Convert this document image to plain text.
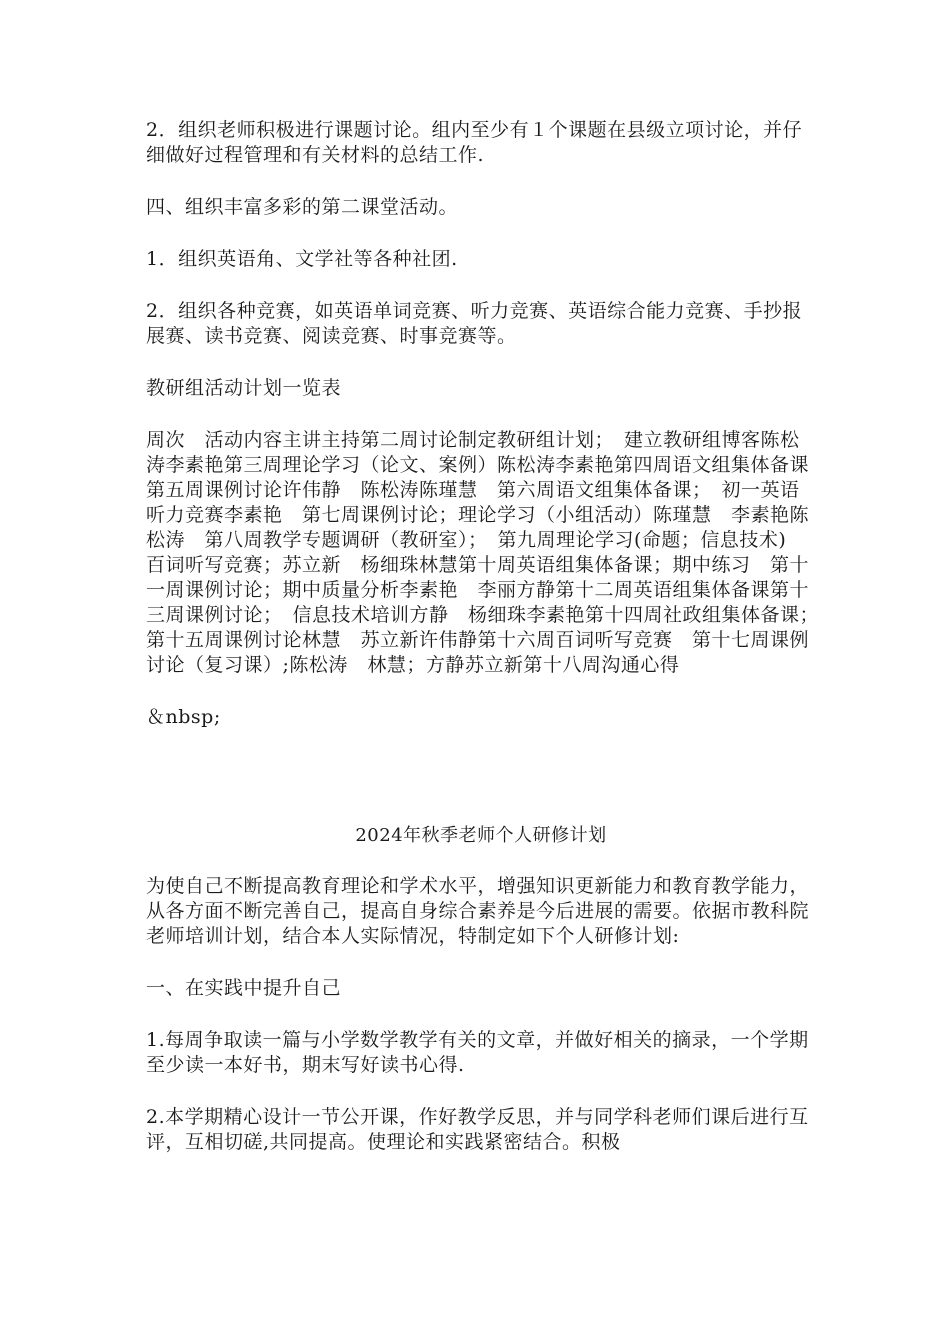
2．组织老师积极进行课题讨论。组内至少有１个课题在县级立项讨论，并仔细做好过程管理和有关材料的总结工作.

四、组织丰富多彩的第二课堂活动。

1．组织英语角、文学社等各种社团.

2．组织各种竞赛，如英语单词竞赛、听力竞赛、英语综合能力竞赛、手抄报展赛、读书竞赛、阅读竞赛、时事竞赛等。

教研组活动计划一览表

周次　活动内容主讲主持第二周讨论制定教研组计划；　建立教研组博客陈松涛李素艳第三周理论学习（论文、案例）陈松涛李素艳第四周语文组集体备课　第五周课例讨论许伟静　陈松涛陈瑾慧　第六周语文组集体备课；　初一英语听力竞赛李素艳　第七周课例讨论；理论学习（小组活动）陈瑾慧　李素艳陈松涛　第八周教学专题调研（教研室）；　第九周理论学习(命题；信息技术)　百词听写竞赛；苏立新　杨细珠林慧第十周英语组集体备课；期中练习　第十一周课例讨论；期中质量分析李素艳　李丽方静第十二周英语组集体备课第十三周课例讨论；　信息技术培训方静　杨细珠李素艳第十四周社政组集体备课；　第十五周课例讨论林慧　苏立新许伟静第十六周百词听写竞赛　第十七周课例讨论（复习课）;陈松涛　林慧；方静苏立新第十八周沟通心得

＆nbsp;

2024年秋季老师个人研修计划

为使自己不断提高教育理论和学术水平，增强知识更新能力和教育教学能力，从各方面不断完善自己，提高自身综合素养是今后进展的需要。依据市教科院老师培训计划，结合本人实际情况，特制定如下个人研修计划:

一、在实践中提升自己

1.每周争取读一篇与小学数学教学有关的文章，并做好相关的摘录，一个学期至少读一本好书，期末写好读书心得.

2.本学期精心设计一节公开课，作好教学反思，并与同学科老师们课后进行互评，互相切磋,共同提高。使理论和实践紧密结合。积极
